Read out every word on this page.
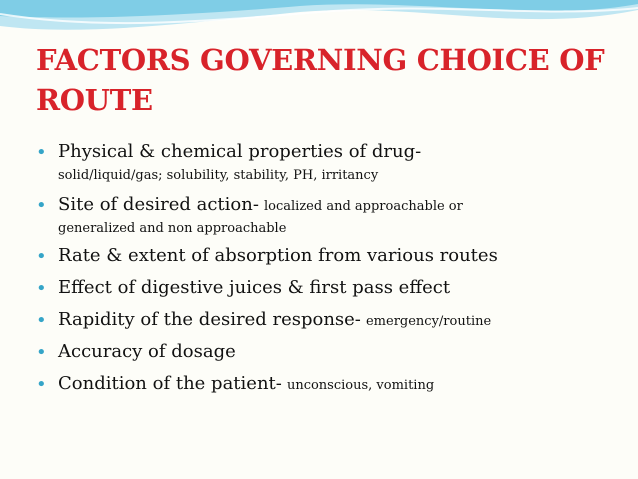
FACTORS GOVERNING CHOICE OF ROUTE
• Physical & chemical properties of drug-
solid/liquid/gas; solubility, stability, PH, irritancy
• Site of desired action- localized and approachable or
generalized and non approachable
• Rate & extent of absorption from various routes
• Effect of digestive juices & first pass effect
• Rapidity of the desired response- emergency/routine
• Accuracy of dosage
• Condition of the patient- unconscious, vomiting
